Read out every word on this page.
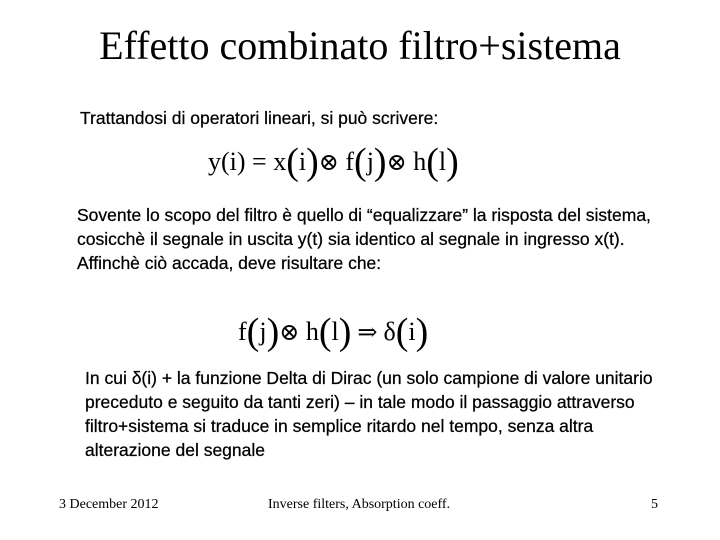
Effetto combinato filtro+sistema

Trattandosi di operatori lineari, si può scrivere:

y(i) = x(i)⊗ f(j)⊗ h(l)

Sovente lo scopo del filtro è quello di “equalizzare” la risposta del sistema, cosicchè il segnale in uscita y(t) sia identico al segnale in ingresso x(t). Affinchè ciò accada, deve risultare che:

f(j)⊗ h(l) ⇒ δ(i)

In cui δ(i) + la funzione Delta di Dirac (un solo campione di valore unitario preceduto e seguito da tanti zeri) – in tale modo il passaggio attraverso filtro+sistema si traduce in semplice ritardo nel tempo, senza altra alterazione del segnale

3 December 2012	Inverse filters, Absorption coeff.	5
